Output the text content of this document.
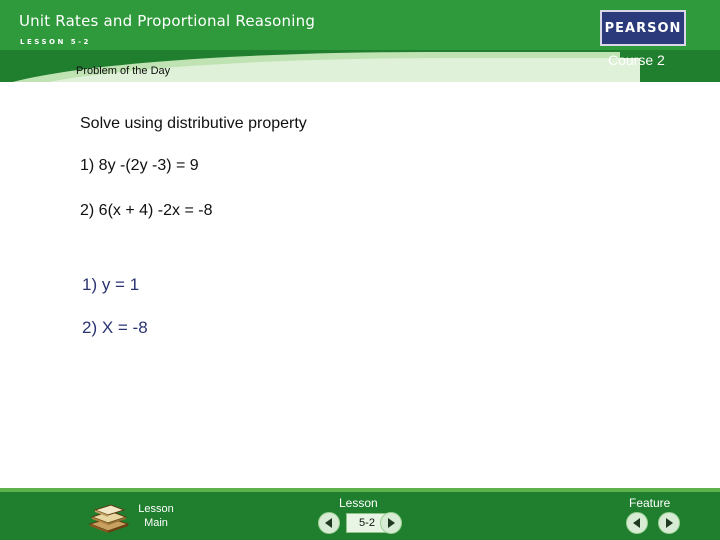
Unit Rates and Proportional Reasoning
LESSON 5-2
PEARSON
Course 2
Problem of the Day
Solve using distributive property
1) 8y -(2y -3) = 9
2) 6(x + 4) -2x = -8
1) y = 1
2) X = -8
Lesson
Main
Lesson
5-2
Feature
